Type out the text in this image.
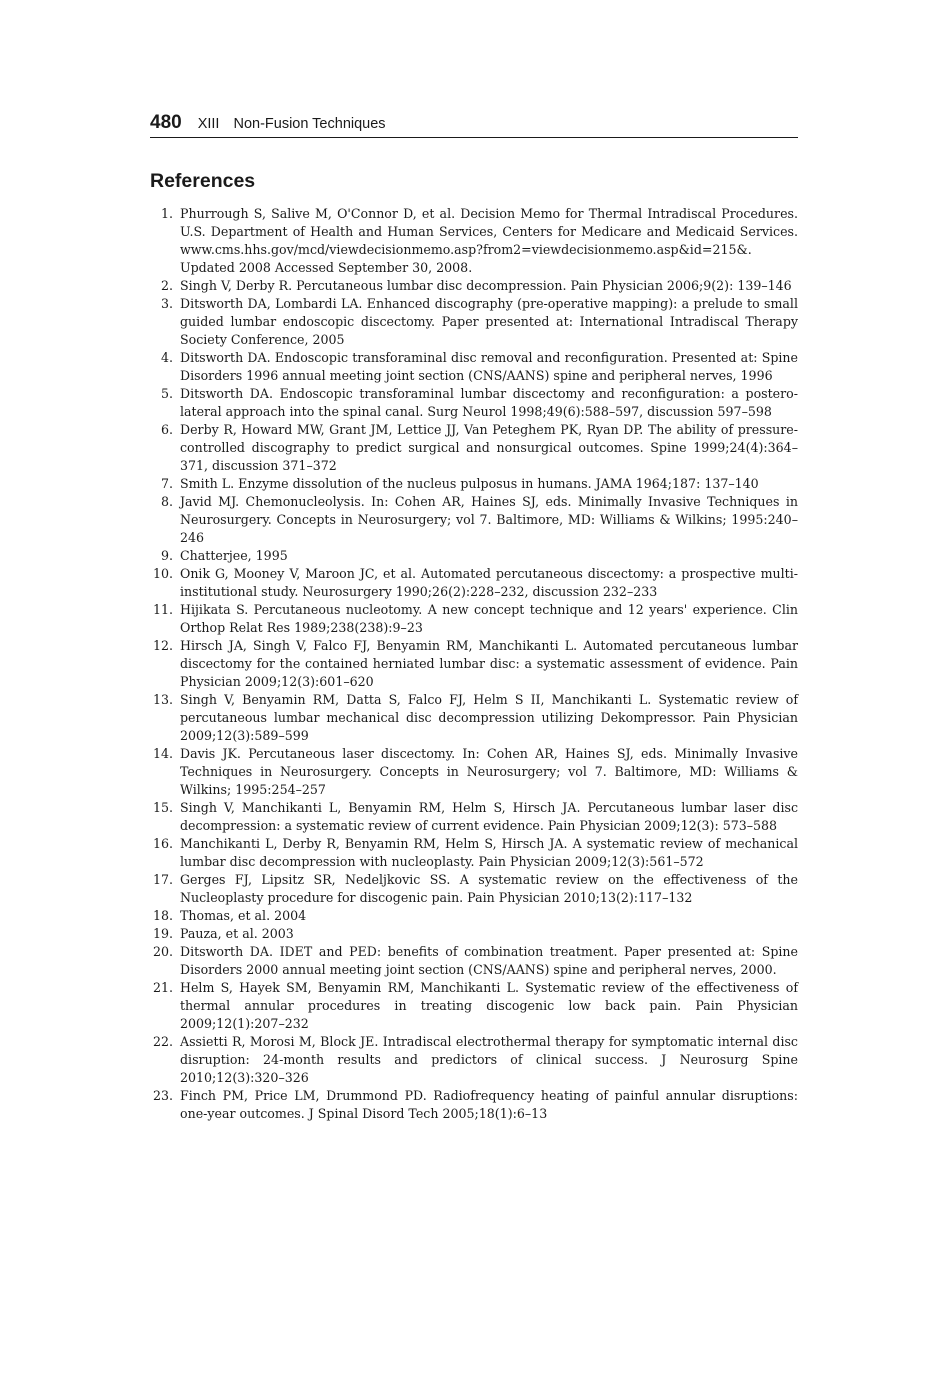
480 XIII Non-Fusion Techniques
References
1. Phurrough S, Salive M, O'Connor D, et al. Decision Memo for Thermal Intradiscal Procedures. U.S. Department of Health and Human Services, Centers for Medicare and Medicaid Services. www.cms.hhs.gov/mcd/viewdecisionmemo.asp?from2=viewdecisionmemo.asp&id=215&. Updated 2008 Accessed September 30, 2008.
2. Singh V, Derby R. Percutaneous lumbar disc decompression. Pain Physician 2006;9(2): 139–146
3. Ditsworth DA, Lombardi LA. Enhanced discography (pre-operative mapping): a prelude to small guided lumbar endoscopic discectomy. Paper presented at: International Intradiscal Therapy Society Conference, 2005
4. Ditsworth DA. Endoscopic transforaminal disc removal and reconfiguration. Presented at: Spine Disorders 1996 annual meeting joint section (CNS/AANS) spine and peripheral nerves, 1996
5. Ditsworth DA. Endoscopic transforaminal lumbar discectomy and reconfiguration: a postero-lateral approach into the spinal canal. Surg Neurol 1998;49(6):588–597, discussion 597–598
6. Derby R, Howard MW, Grant JM, Lettice JJ, Van Peteghem PK, Ryan DP. The ability of pressure-controlled discography to predict surgical and nonsurgical outcomes. Spine 1999;24(4):364–371, discussion 371–372
7. Smith L. Enzyme dissolution of the nucleus pulposus in humans. JAMA 1964;187: 137–140
8. Javid MJ. Chemonucleolysis. In: Cohen AR, Haines SJ, eds. Minimally Invasive Techniques in Neurosurgery. Concepts in Neurosurgery; vol 7. Baltimore, MD: Williams & Wilkins; 1995:240–246
9. Chatterjee, 1995
10. Onik G, Mooney V, Maroon JC, et al. Automated percutaneous discectomy: a prospective multi-institutional study. Neurosurgery 1990;26(2):228–232, discussion 232–233
11. Hijikata S. Percutaneous nucleotomy. A new concept technique and 12 years' experience. Clin Orthop Relat Res 1989;238(238):9–23
12. Hirsch JA, Singh V, Falco FJ, Benyamin RM, Manchikanti L. Automated percutaneous lumbar discectomy for the contained herniated lumbar disc: a systematic assessment of evidence. Pain Physician 2009;12(3):601–620
13. Singh V, Benyamin RM, Datta S, Falco FJ, Helm S II, Manchikanti L. Systematic review of percutaneous lumbar mechanical disc decompression utilizing Dekompressor. Pain Physician 2009;12(3):589–599
14. Davis JK. Percutaneous laser discectomy. In: Cohen AR, Haines SJ, eds. Minimally Invasive Techniques in Neurosurgery. Concepts in Neurosurgery; vol 7. Baltimore, MD: Williams & Wilkins; 1995:254–257
15. Singh V, Manchikanti L, Benyamin RM, Helm S, Hirsch JA. Percutaneous lumbar laser disc decompression: a systematic review of current evidence. Pain Physician 2009;12(3): 573–588
16. Manchikanti L, Derby R, Benyamin RM, Helm S, Hirsch JA. A systematic review of mechanical lumbar disc decompression with nucleoplasty. Pain Physician 2009;12(3):561–572
17. Gerges FJ, Lipsitz SR, Nedeljkovic SS. A systematic review on the effectiveness of the Nucleoplasty procedure for discogenic pain. Pain Physician 2010;13(2):117–132
18. Thomas, et al. 2004
19. Pauza, et al. 2003
20. Ditsworth DA. IDET and PED: benefits of combination treatment. Paper presented at: Spine Disorders 2000 annual meeting joint section (CNS/AANS) spine and peripheral nerves, 2000.
21. Helm S, Hayek SM, Benyamin RM, Manchikanti L. Systematic review of the effectiveness of thermal annular procedures in treating discogenic low back pain. Pain Physician 2009;12(1):207–232
22. Assietti R, Morosi M, Block JE. Intradiscal electrothermal therapy for symptomatic internal disc disruption: 24-month results and predictors of clinical success. J Neurosurg Spine 2010;12(3):320–326
23. Finch PM, Price LM, Drummond PD. Radiofrequency heating of painful annular disruptions: one-year outcomes. J Spinal Disord Tech 2005;18(1):6–13
